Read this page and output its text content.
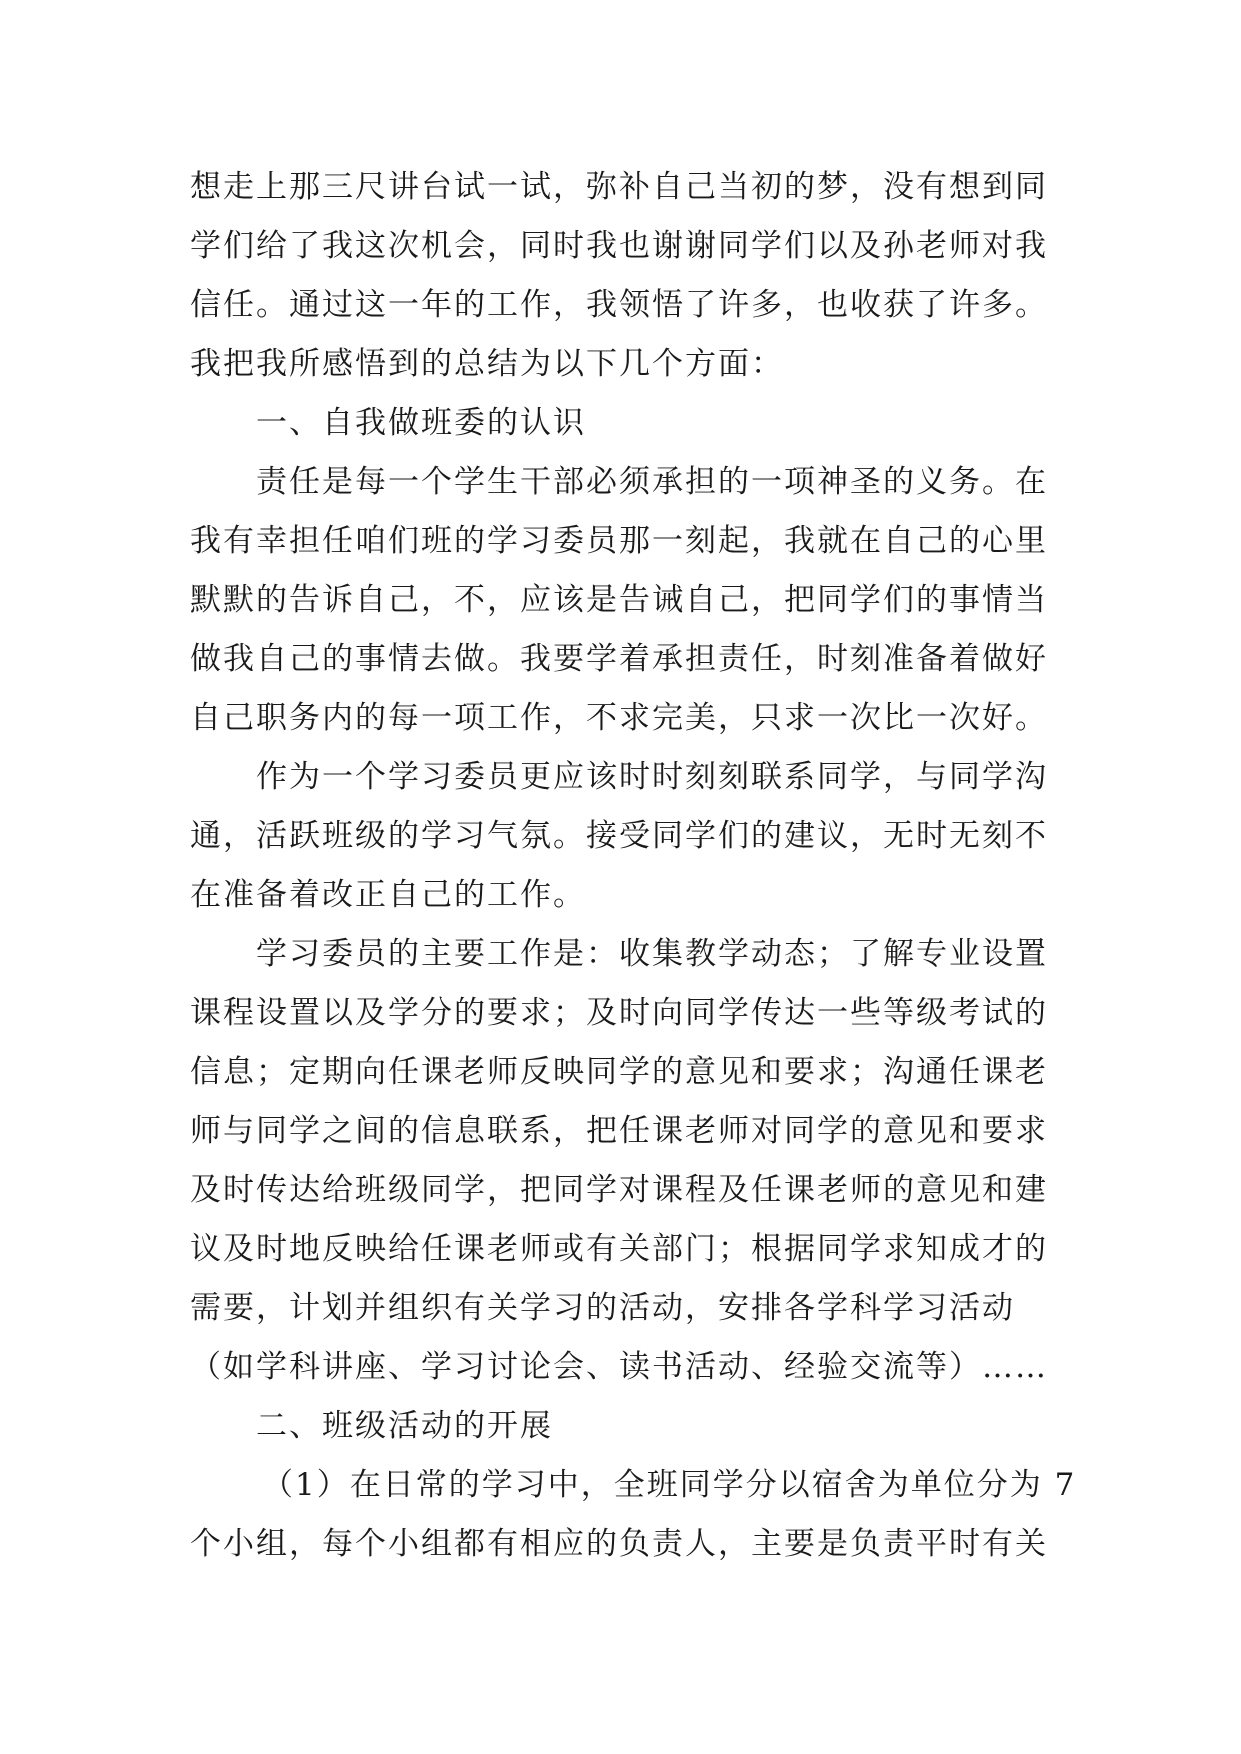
想走上那三尺讲台试一试，弥补自己当初的梦，没有想到同
学们给了我这次机会，同时我也谢谢同学们以及孙老师对我
信任。通过这一年的工作，我领悟了许多，也收获了许多。
我把我所感悟到的总结为以下几个方面：
一、自我做班委的认识
责任是每一个学生干部必须承担的一项神圣的义务。在
我有幸担任咱们班的学习委员那一刻起，我就在自己的心里
默默的告诉自己，不，应该是告诫自己，把同学们的事情当
做我自己的事情去做。我要学着承担责任，时刻准备着做好
自己职务内的每一项工作，不求完美，只求一次比一次好。
作为一个学习委员更应该时时刻刻联系同学，与同学沟
通，活跃班级的学习气氛。接受同学们的建议，无时无刻不
在准备着改正自己的工作。
学习委员的主要工作是：收集教学动态；了解专业设置
课程设置以及学分的要求；及时向同学传达一些等级考试的
信息；定期向任课老师反映同学的意见和要求；沟通任课老
师与同学之间的信息联系，把任课老师对同学的意见和要求
及时传达给班级同学，把同学对课程及任课老师的意见和建
议及时地反映给任课老师或有关部门；根据同学求知成才的
需要，计划并组织有关学习的活动，安排各学科学习活动
（如学科讲座、学习讨论会、读书活动、经验交流等）……
二、班级活动的开展
（1）在日常的学习中，全班同学分以宿舍为单位分为 7
个小组，每个小组都有相应的负责人，主要是负责平时有关
